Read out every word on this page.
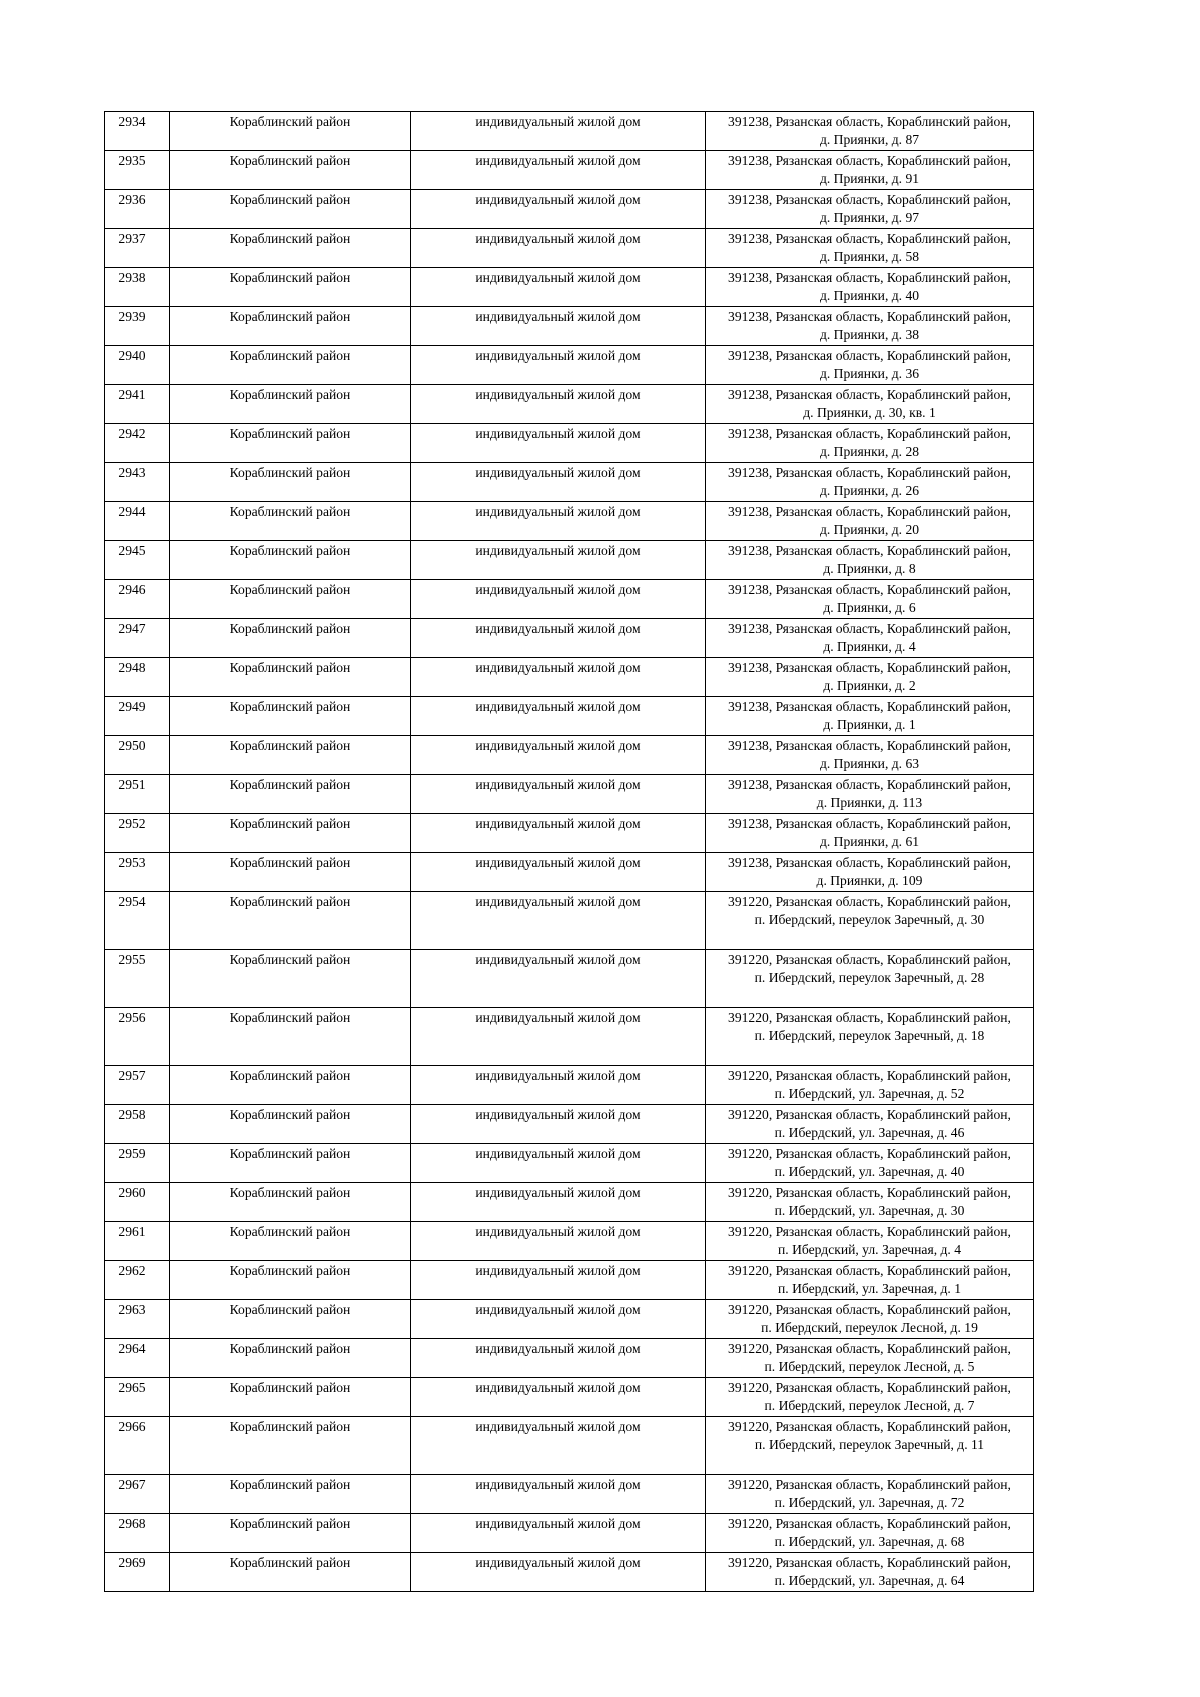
2934	Кораблинский район	индивидуальный жилой дом	391238, Рязанская область, Кораблинский район,
д. Приянки, д. 87
2935	Кораблинский район	индивидуальный жилой дом	391238, Рязанская область, Кораблинский район,
д. Приянки, д. 91
2936	Кораблинский район	индивидуальный жилой дом	391238, Рязанская область, Кораблинский район,
д. Приянки, д. 97
2937	Кораблинский район	индивидуальный жилой дом	391238, Рязанская область, Кораблинский район,
д. Приянки, д. 58
2938	Кораблинский район	индивидуальный жилой дом	391238, Рязанская область, Кораблинский район,
д. Приянки, д. 40
2939	Кораблинский район	индивидуальный жилой дом	391238, Рязанская область, Кораблинский район,
д. Приянки, д. 38
2940	Кораблинский район	индивидуальный жилой дом	391238, Рязанская область, Кораблинский район,
д. Приянки, д. 36
2941	Кораблинский район	индивидуальный жилой дом	391238, Рязанская область, Кораблинский район,
д. Приянки, д. 30, кв. 1
2942	Кораблинский район	индивидуальный жилой дом	391238, Рязанская область, Кораблинский район,
д. Приянки, д. 28
2943	Кораблинский район	индивидуальный жилой дом	391238, Рязанская область, Кораблинский район,
д. Приянки, д. 26
2944	Кораблинский район	индивидуальный жилой дом	391238, Рязанская область, Кораблинский район,
д. Приянки, д. 20
2945	Кораблинский район	индивидуальный жилой дом	391238, Рязанская область, Кораблинский район,
д. Приянки, д. 8
2946	Кораблинский район	индивидуальный жилой дом	391238, Рязанская область, Кораблинский район,
д. Приянки, д. 6
2947	Кораблинский район	индивидуальный жилой дом	391238, Рязанская область, Кораблинский район,
д. Приянки, д. 4
2948	Кораблинский район	индивидуальный жилой дом	391238, Рязанская область, Кораблинский район,
д. Приянки, д. 2
2949	Кораблинский район	индивидуальный жилой дом	391238, Рязанская область, Кораблинский район,
д. Приянки, д. 1
2950	Кораблинский район	индивидуальный жилой дом	391238, Рязанская область, Кораблинский район,
д. Приянки, д. 63
2951	Кораблинский район	индивидуальный жилой дом	391238, Рязанская область, Кораблинский район,
д. Приянки, д. 113
2952	Кораблинский район	индивидуальный жилой дом	391238, Рязанская область, Кораблинский район,
д. Приянки, д. 61
2953	Кораблинский район	индивидуальный жилой дом	391238, Рязанская область, Кораблинский район,
д. Приянки, д. 109
2954	Кораблинский район	индивидуальный жилой дом	391220, Рязанская область, Кораблинский район,
п. Ибердский, переулок Заречный, д. 30
2955	Кораблинский район	индивидуальный жилой дом	391220, Рязанская область, Кораблинский район,
п. Ибердский, переулок Заречный, д. 28
2956	Кораблинский район	индивидуальный жилой дом	391220, Рязанская область, Кораблинский район,
п. Ибердский, переулок Заречный, д. 18
2957	Кораблинский район	индивидуальный жилой дом	391220, Рязанская область, Кораблинский район,
п. Ибердский, ул. Заречная, д. 52
2958	Кораблинский район	индивидуальный жилой дом	391220, Рязанская область, Кораблинский район,
п. Ибердский, ул. Заречная, д. 46
2959	Кораблинский район	индивидуальный жилой дом	391220, Рязанская область, Кораблинский район,
п. Ибердский, ул. Заречная, д. 40
2960	Кораблинский район	индивидуальный жилой дом	391220, Рязанская область, Кораблинский район,
п. Ибердский, ул. Заречная, д. 30
2961	Кораблинский район	индивидуальный жилой дом	391220, Рязанская область, Кораблинский район,
п. Ибердский, ул. Заречная, д. 4
2962	Кораблинский район	индивидуальный жилой дом	391220, Рязанская область, Кораблинский район,
п. Ибердский, ул. Заречная, д. 1
2963	Кораблинский район	индивидуальный жилой дом	391220, Рязанская область, Кораблинский район,
п. Ибердский, переулок Лесной, д. 19
2964	Кораблинский район	индивидуальный жилой дом	391220, Рязанская область, Кораблинский район,
п. Ибердский, переулок Лесной, д. 5
2965	Кораблинский район	индивидуальный жилой дом	391220, Рязанская область, Кораблинский район,
п. Ибердский, переулок Лесной, д. 7
2966	Кораблинский район	индивидуальный жилой дом	391220, Рязанская область, Кораблинский район,
п. Ибердский, переулок Заречный, д. 11
2967	Кораблинский район	индивидуальный жилой дом	391220, Рязанская область, Кораблинский район,
п. Ибердский, ул. Заречная, д. 72
2968	Кораблинский район	индивидуальный жилой дом	391220, Рязанская область, Кораблинский район,
п. Ибердский, ул. Заречная, д. 68
2969	Кораблинский район	индивидуальный жилой дом	391220, Рязанская область, Кораблинский район,
п. Ибердский, ул. Заречная, д. 64
